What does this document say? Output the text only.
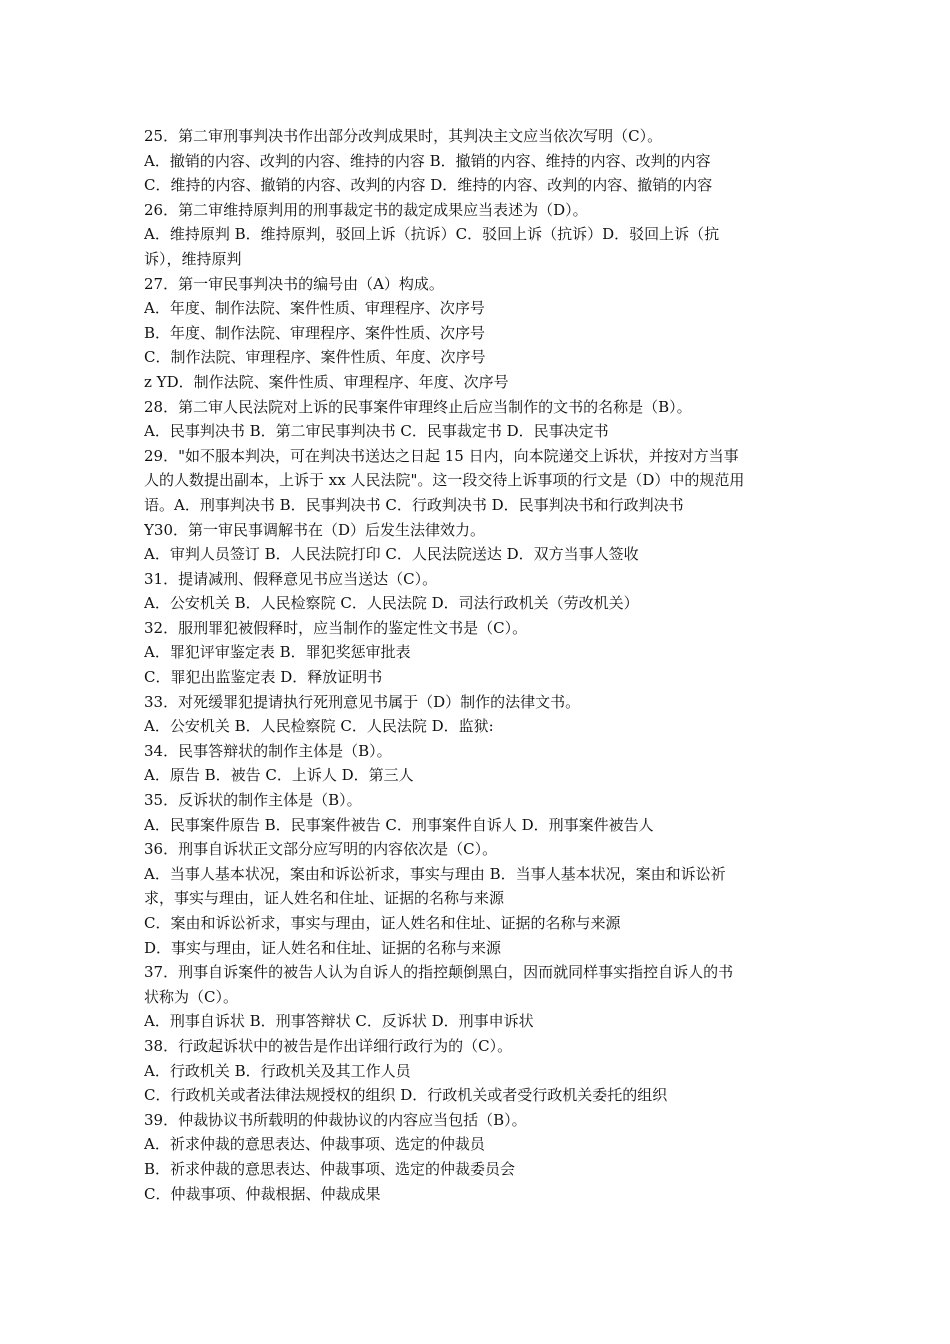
25．第二审刑事判决书作出部分改判成果时，其判决主文应当依次写明（C）。
A．撤销的内容、改判的内容、维持的内容 B．撤销的内容、维持的内容、改判的内容
C．维持的内容、撤销的内容、改判的内容 D．维持的内容、改判的内容、撤销的内容
26．第二审维持原判用的刑事裁定书的裁定成果应当表述为（D）。
A．维持原判 B．维持原判，驳回上诉（抗诉）C．驳回上诉（抗诉）D．驳回上诉（抗
诉），维持原判
27．第一审民事判决书的编号由（A）构成。
A．年度、制作法院、案件性质、审理程序、次序号
B．年度、制作法院、审理程序、案件性质、次序号
C．制作法院、审理程序、案件性质、年度、次序号
z YD．制作法院、案件性质、审理程序、年度、次序号
28．第二审人民法院对上诉的民事案件审理终止后应当制作的文书的名称是（B）。
A．民事判决书 B．第二审民事判决书 C．民事裁定书 D．民事决定书
29．"如不服本判决，可在判决书送达之日起 15 日内，向本院递交上诉状，并按对方当事
人的人数提出副本，上诉于 xx 人民法院"。这一段交待上诉事项的行文是（D）中的规范用
语。A．刑事判决书 B．民事判决书 C．行政判决书 D．民事判决书和行政判决书
Y30．第一审民事调解书在（D）后发生法律效力。
A．审判人员签订 B．人民法院打印 C．人民法院送达 D．双方当事人签收
31．提请减刑、假释意见书应当送达（C）。
A．公安机关 B．人民检察院 C．人民法院 D．司法行政机关（劳改机关）
32．服刑罪犯被假释时，应当制作的鉴定性文书是（C）。
A．罪犯评审鉴定表 B．罪犯奖惩审批表
C．罪犯出监鉴定表 D．释放证明书
33．对死缓罪犯提请执行死刑意见书属于（D）制作的法律文书。
A．公安机关 B．人民检察院 C．人民法院 D．监狱:
34．民事答辩状的制作主体是（B）。
A．原告 B．被告 C．上诉人 D．第三人
35．反诉状的制作主体是（B）。
A．民事案件原告 B．民事案件被告 C．刑事案件自诉人 D．刑事案件被告人
36．刑事自诉状正文部分应写明的内容依次是（C）。
A．当事人基本状况，案由和诉讼祈求，事实与理由 B．当事人基本状况，案由和诉讼祈
求，事实与理由，证人姓名和住址、证据的名称与来源
C．案由和诉讼祈求，事实与理由，证人姓名和住址、证据的名称与来源
D．事实与理由，证人姓名和住址、证据的名称与来源
37．刑事自诉案件的被告人认为自诉人的指控颠倒黑白，因而就同样事实指控自诉人的书
状称为（C）。
A．刑事自诉状 B．刑事答辩状 C．反诉状 D．刑事申诉状
38．行政起诉状中的被告是作出详细行政行为的（C）。
A．行政机关 B．行政机关及其工作人员
C．行政机关或者法律法规授权的组织 D．行政机关或者受行政机关委托的组织
39．仲裁协议书所载明的仲裁协议的内容应当包括（B）。
A．祈求仲裁的意思表达、仲裁事项、选定的仲裁员
B．祈求仲裁的意思表达、仲裁事项、选定的仲裁委员会
C．仲裁事项、仲裁根据、仲裁成果
